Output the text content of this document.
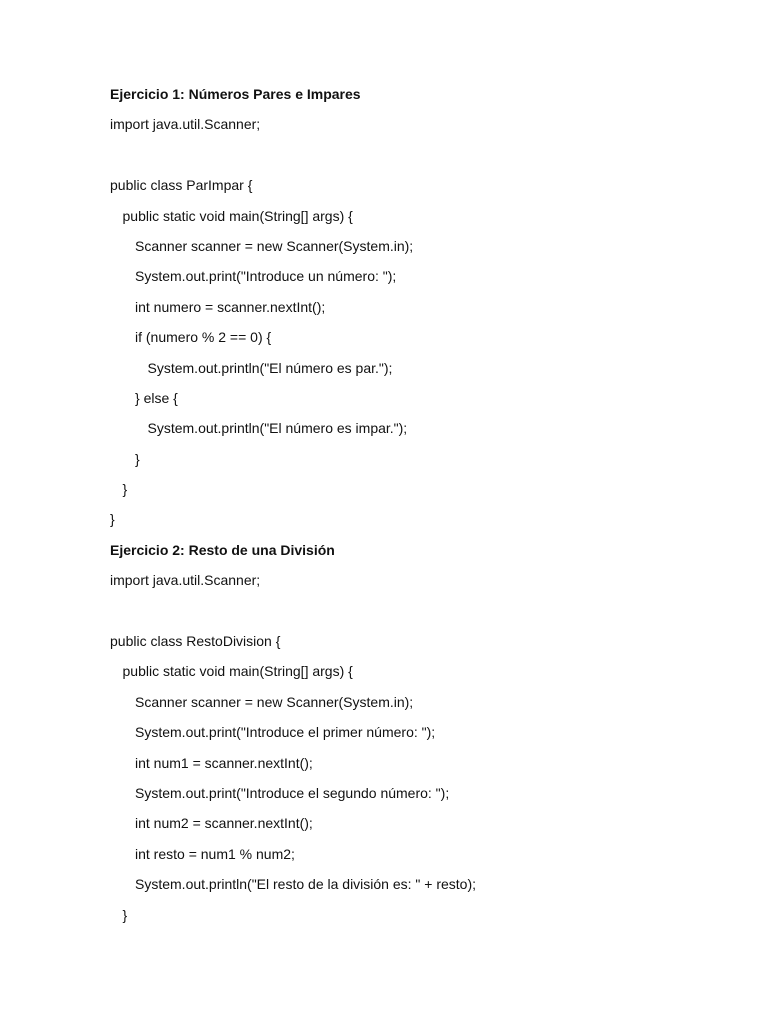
Ejercicio 1: Números Pares e Impares
import java.util.Scanner;
public class ParImpar {
public static void main(String[] args) {
Scanner scanner = new Scanner(System.in);
System.out.print("Introduce un número: ");
int numero = scanner.nextInt();
if (numero % 2 == 0) {
System.out.println("El número es par.");
} else {
System.out.println("El número es impar.");
}
}
}
Ejercicio 2: Resto de una División
import java.util.Scanner;
public class RestoDivision {
public static void main(String[] args) {
Scanner scanner = new Scanner(System.in);
System.out.print("Introduce el primer número: ");
int num1 = scanner.nextInt();
System.out.print("Introduce el segundo número: ");
int num2 = scanner.nextInt();
int resto = num1 % num2;
System.out.println("El resto de la división es: " + resto);
}
